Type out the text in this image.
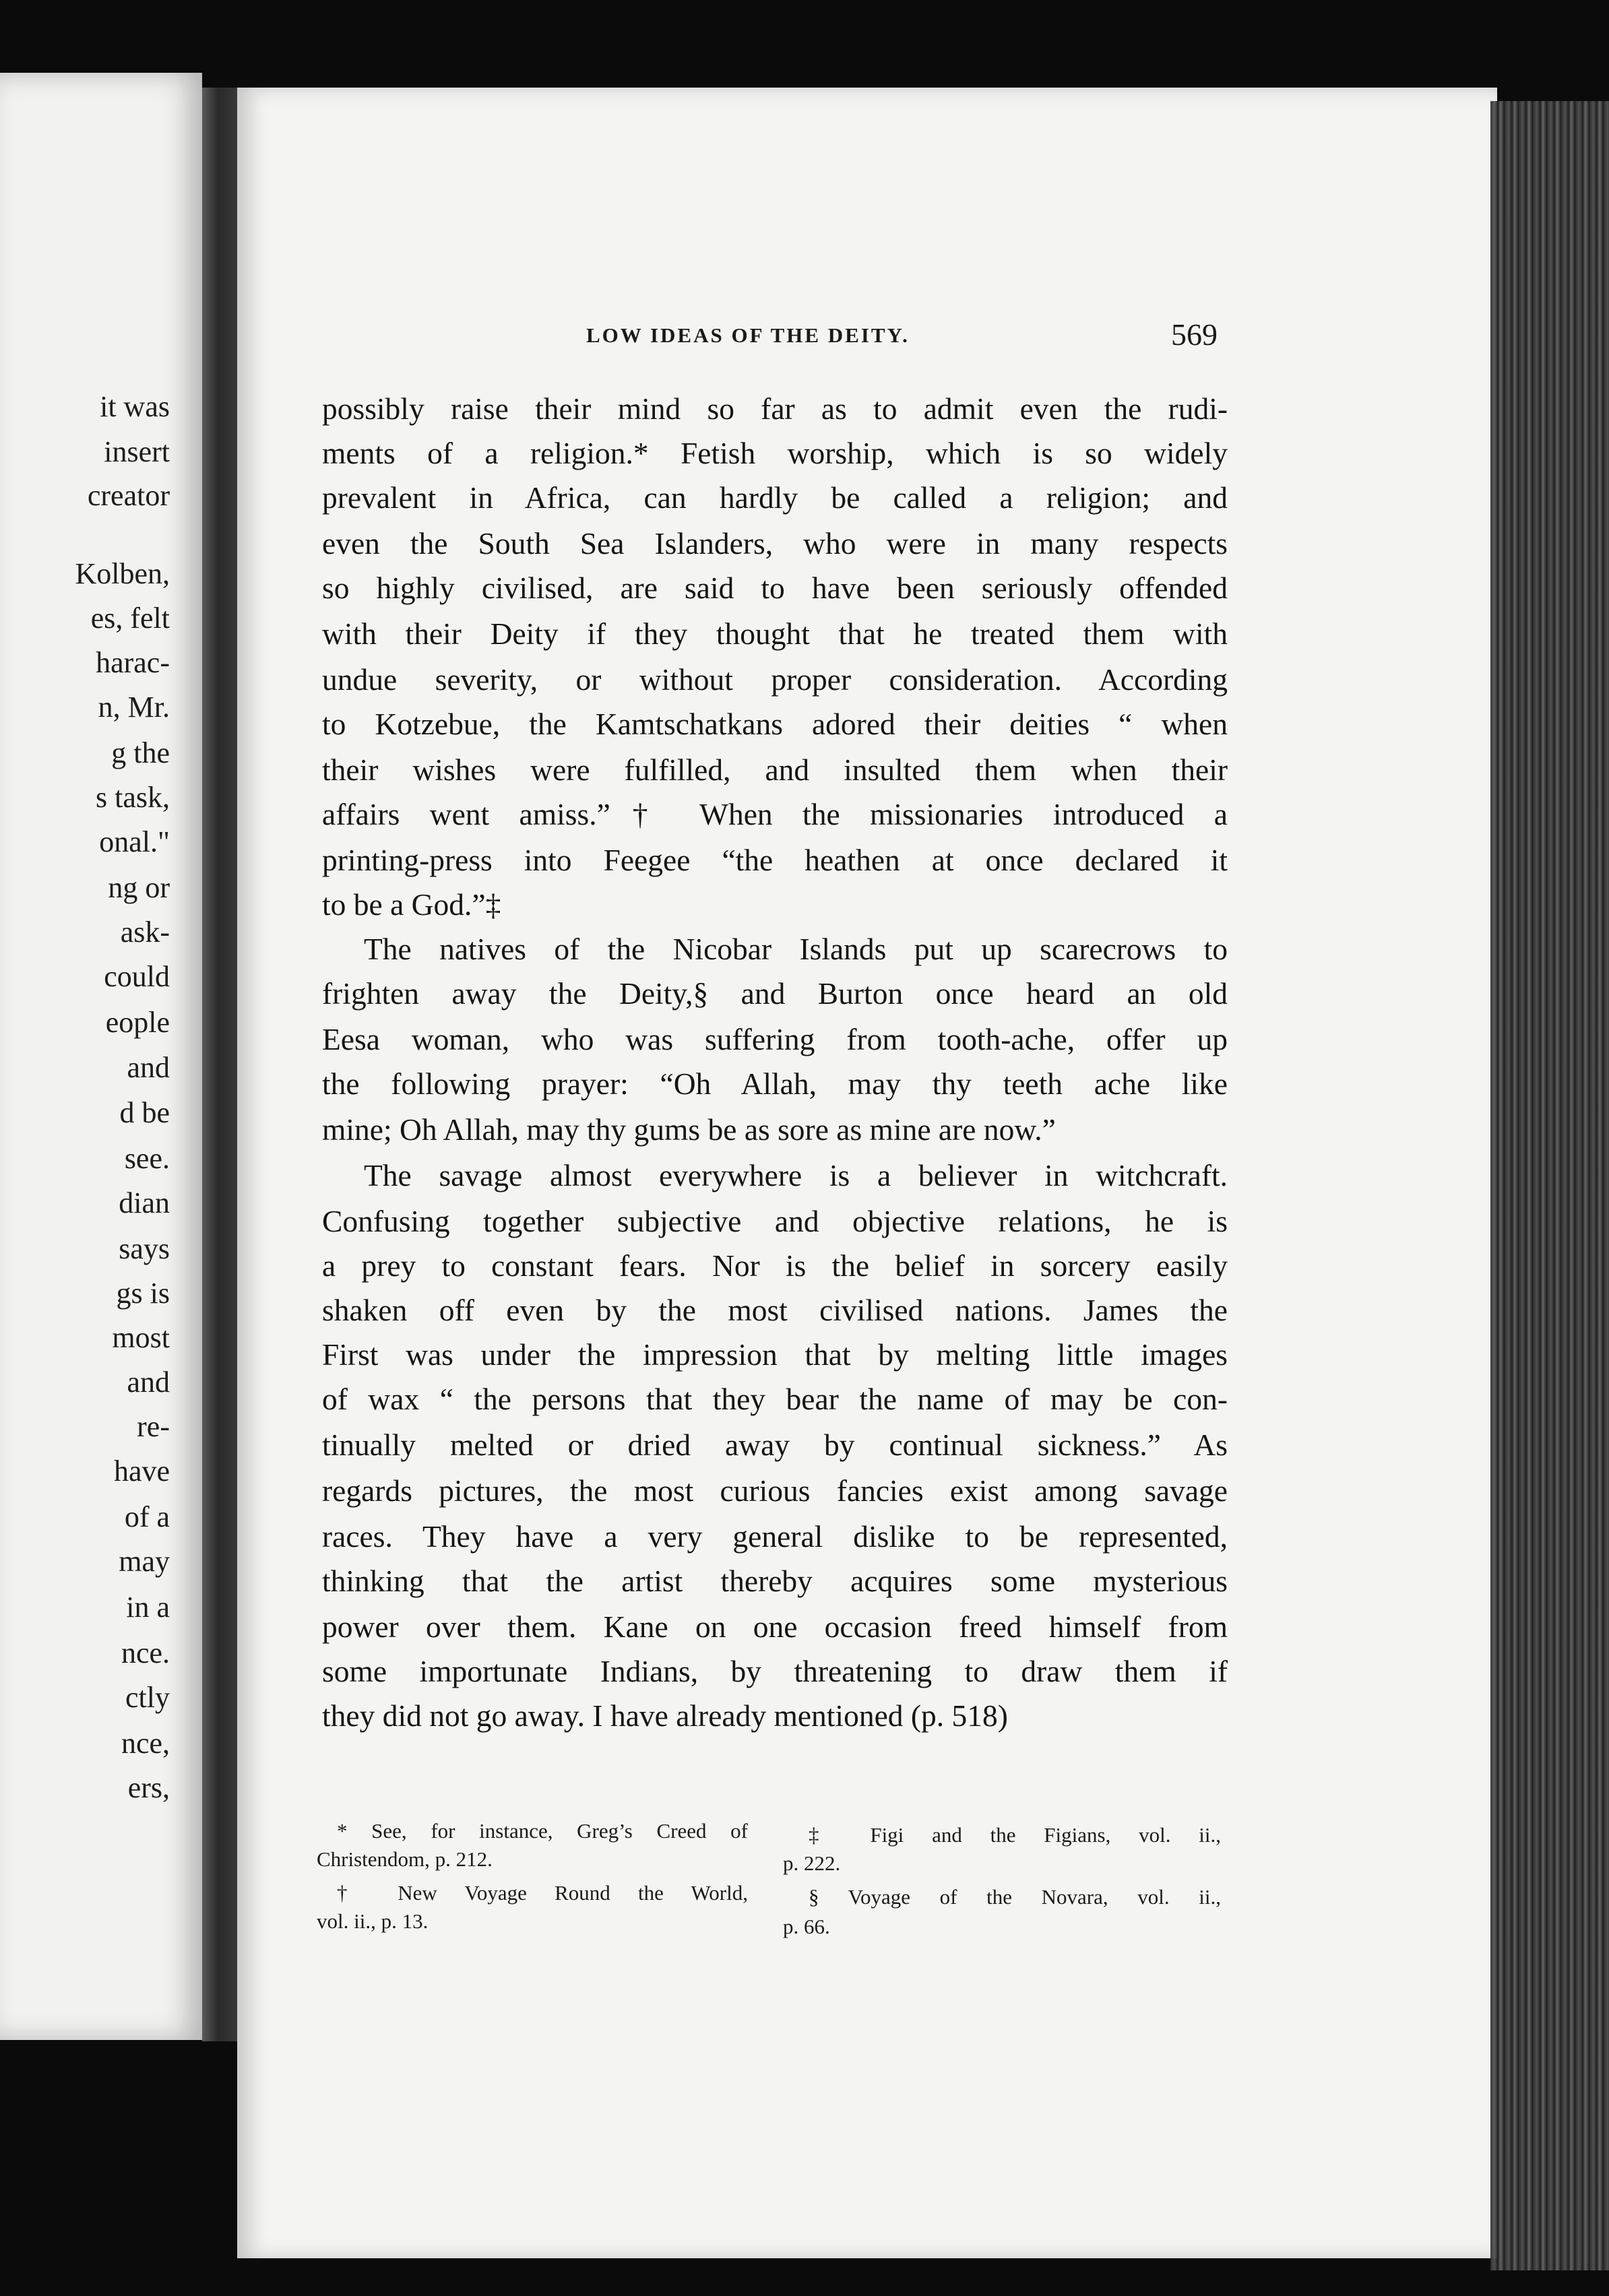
it was
insert
creator
Kolben,
es, felt
harac-
n, Mr.
g the
s task,
onal."
ng or
ask-
could
eople
and
d be
see.
dian
says
gs is
most
and
re-
have
of a
may
in a
nce.
ctly
nce,
ers,
LOW IDEAS OF THE DEITY.	569
possibly raise their mind so far as to admit even the rudi-
ments of a religion.* Fetish worship, which is so widely
prevalent in Africa, can hardly be called a religion; and
even the South Sea Islanders, who were in many respects
so highly civilised, are said to have been seriously offended
with their Deity if they thought that he treated them with
undue severity, or without proper consideration. According
to Kotzebue, the Kamtschatkans adored their deities “ when
their wishes were fulfilled, and insulted them when their
affairs went amiss.”† When the missionaries introduced a
printing-press into Feegee “the heathen at once declared it
to be a God.”‡
The natives of the Nicobar Islands put up scarecrows to
frighten away the Deity,§ and Burton once heard an old
Eesa woman, who was suffering from tooth-ache, offer up
the following prayer: “Oh Allah, may thy teeth ache like
mine; Oh Allah, may thy gums be as sore as mine are now.”
The savage almost everywhere is a believer in witchcraft.
Confusing together subjective and objective relations, he is
a prey to constant fears. Nor is the belief in sorcery easily
shaken off even by the most civilised nations. James the
First was under the impression that by melting little images
of wax “ the persons that they bear the name of may be con-
tinually melted or dried away by continual sickness.” As
regards pictures, the most curious fancies exist among savage
races. They have a very general dislike to be represented,
thinking that the artist thereby acquires some mysterious
power over them. Kane on one occasion freed himself from
some importunate Indians, by threatening to draw them if
they did not go away. I have already mentioned (p. 518)
* See, for instance, Greg’s Creed of
Christendom, p. 212.
† New Voyage Round the World,
vol. ii., p. 13.
‡ Figi and the Figians, vol. ii.,
p. 222.
§ Voyage of the Novara, vol. ii.,
p. 66.
